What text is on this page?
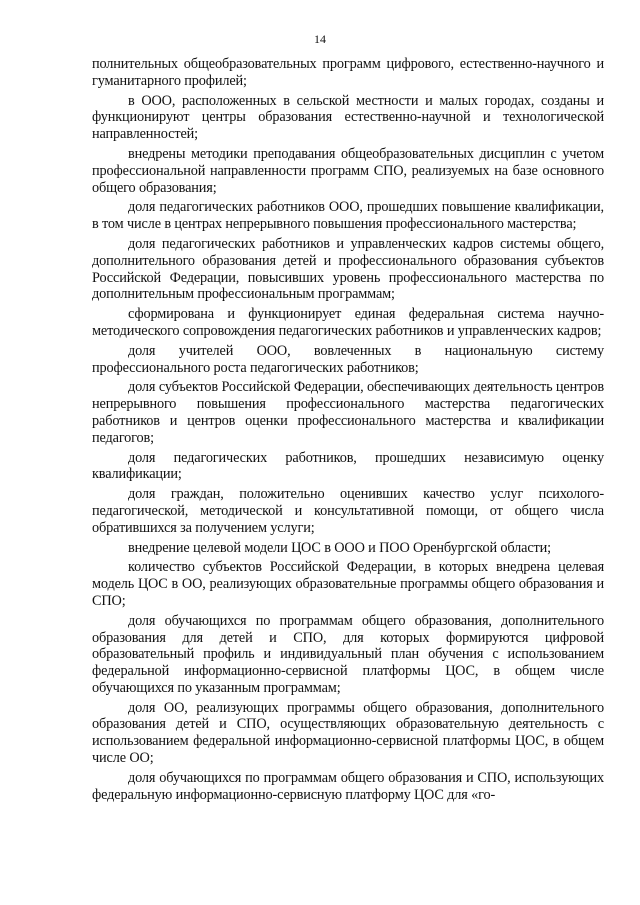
14

полнительных общеобразовательных программ цифрового, естественно-научного и гуманитарного профилей;

в ООО, расположенных в сельской местности и малых городах, созданы и функционируют центры образования естественно-научной и технологической направленностей;

внедрены методики преподавания общеобразовательных дисциплин с учетом профессиональной направленности программ СПО, реализуемых на базе основного общего образования;

доля педагогических работников ООО, прошедших повышение квалификации, в том числе в центрах непрерывного повышения профессионального мастерства;

доля педагогических работников и управленческих кадров системы общего, дополнительного образования детей и профессионального образования субъектов Российской Федерации, повысивших уровень профессионального мастерства по дополнительным профессиональным программам;

сформирована и функционирует единая федеральная система научно-методического сопровождения педагогических работников и управленческих кадров;

доля учителей ООО, вовлеченных в национальную систему профессионального роста педагогических работников;

доля субъектов Российской Федерации, обеспечивающих деятельность центров непрерывного повышения профессионального мастерства педагогических работников и центров оценки профессионального мастерства и квалификации педагогов;

доля педагогических работников, прошедших независимую оценку квалификации;

доля граждан, положительно оценивших качество услуг психолого-педагогической, методической и консультативной помощи, от общего числа обратившихся за получением услуги;

внедрение целевой модели ЦОС в ООО и ПОО Оренбургской области;

количество субъектов Российской Федерации, в которых внедрена целевая модель ЦОС в ОО, реализующих образовательные программы общего образования и СПО;

доля обучающихся по программам общего образования, дополнительного образования для детей и СПО, для которых формируются цифровой образовательный профиль и индивидуальный план обучения с использованием федеральной информационно-сервисной платформы ЦОС, в общем числе обучающихся по указанным программам;

доля ОО, реализующих программы общего образования, дополнительного образования детей и СПО, осуществляющих образовательную деятельность с использованием федеральной информационно-сервисной платформы ЦОС, в общем числе ОО;

доля обучающихся по программам общего образования и СПО, использующих федеральную информационно-сервисную платформу ЦОС для «го-
